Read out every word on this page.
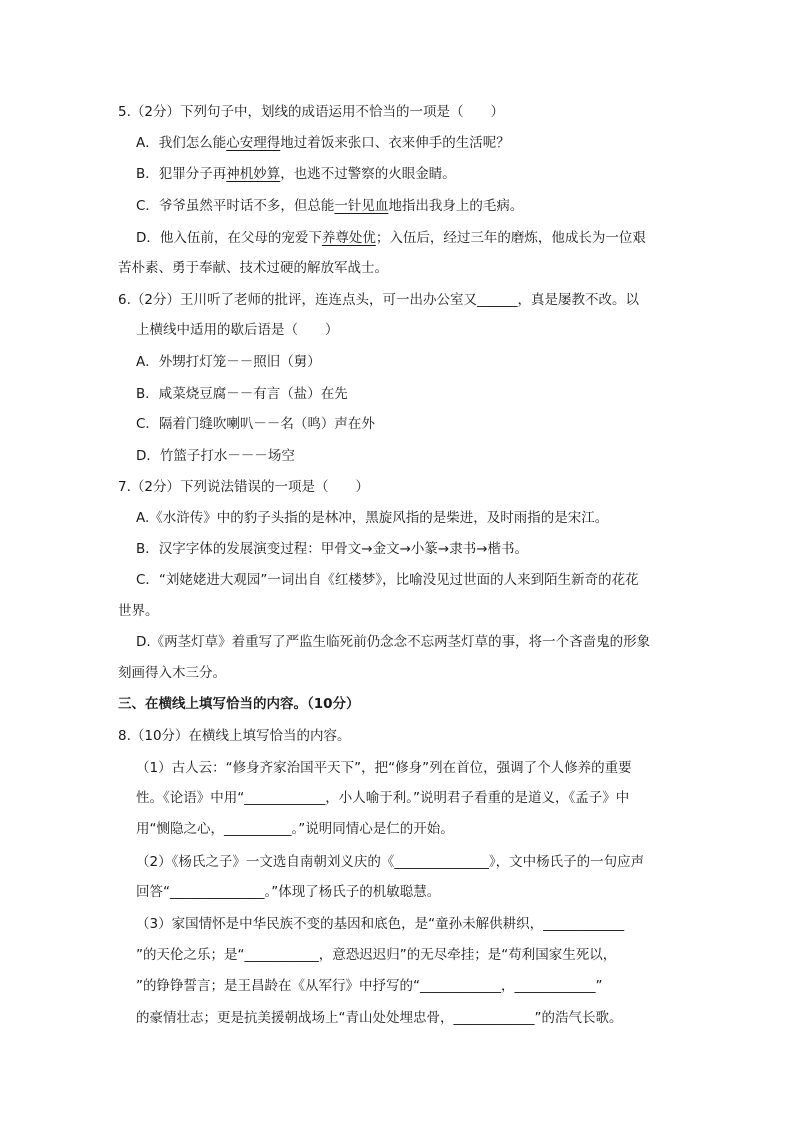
5.（2分）下列句子中，划线的成语运用不恰当的一项是（　　）
A．我们怎么能心安理得地过着饭来张口、衣来伸手的生活呢？
B．犯罪分子再神机妙算，也逃不过警察的火眼金睛。
C．爷爷虽然平时话不多，但总能一针见血地指出我身上的毛病。
D．他入伍前，在父母的宠爱下养尊处优；入伍后，经过三年的磨炼，他成长为一位艰
苦朴素、勇于奉献、技术过硬的解放军战士。
6.（2分）王川听了老师的批评，连连点头，可一出办公室又______，真是屡教不改。以
上横线中适用的歇后语是（　　）
A．外甥打灯笼－－照旧（舅）
B．咸菜烧豆腐－－有言（盐）在先
C．隔着门缝吹喇叭－－名（鸣）声在外
D．竹篮子打水－－－场空
7.（2分）下列说法错误的一项是（　　）
A.《水浒传》中的豹子头指的是林冲，黑旋风指的是柴进，及时雨指的是宋江。
B．汉字字体的发展演变过程：甲骨文→金文→小篆→隶书→楷书。
C．“刘姥姥进大观园”一词出自《红楼梦》，比喻没见过世面的人来到陌生新奇的花花
世界。
D.《两茎灯草》着重写了严监生临死前仍念念不忘两茎灯草的事，将一个吝啬鬼的形象
刻画得入木三分。
三、在横线上填写恰当的内容。（10分）
8.（10分）在横线上填写恰当的内容。
（1）古人云：“修身齐家治国平天下”，把“修身”列在首位，强调了个人修养的重要
性。《论语》中用“____________，小人喻于利。”说明君子看重的是道义，《孟子》中
用“恻隐之心，__________。”说明同情心是仁的开始。
（2）《杨氏之子》一文选自南朝刘义庆的《______________》，文中杨氏子的一句应声
回答“______________。”体现了杨氏子的机敏聪慧。
（3）家国情怀是中华民族不变的基因和底色，是“童孙未解供耕织，____________
”的天伦之乐；是“___________，意恐迟迟归”的无尽牵挂；是“苟利国家生死以，
”的铮铮誓言；是王昌龄在《从军行》中抒写的“____________，____________”
的豪情壮志；更是抗美援朝战场上“青山处处埋忠骨，____________”的浩气长歌。
